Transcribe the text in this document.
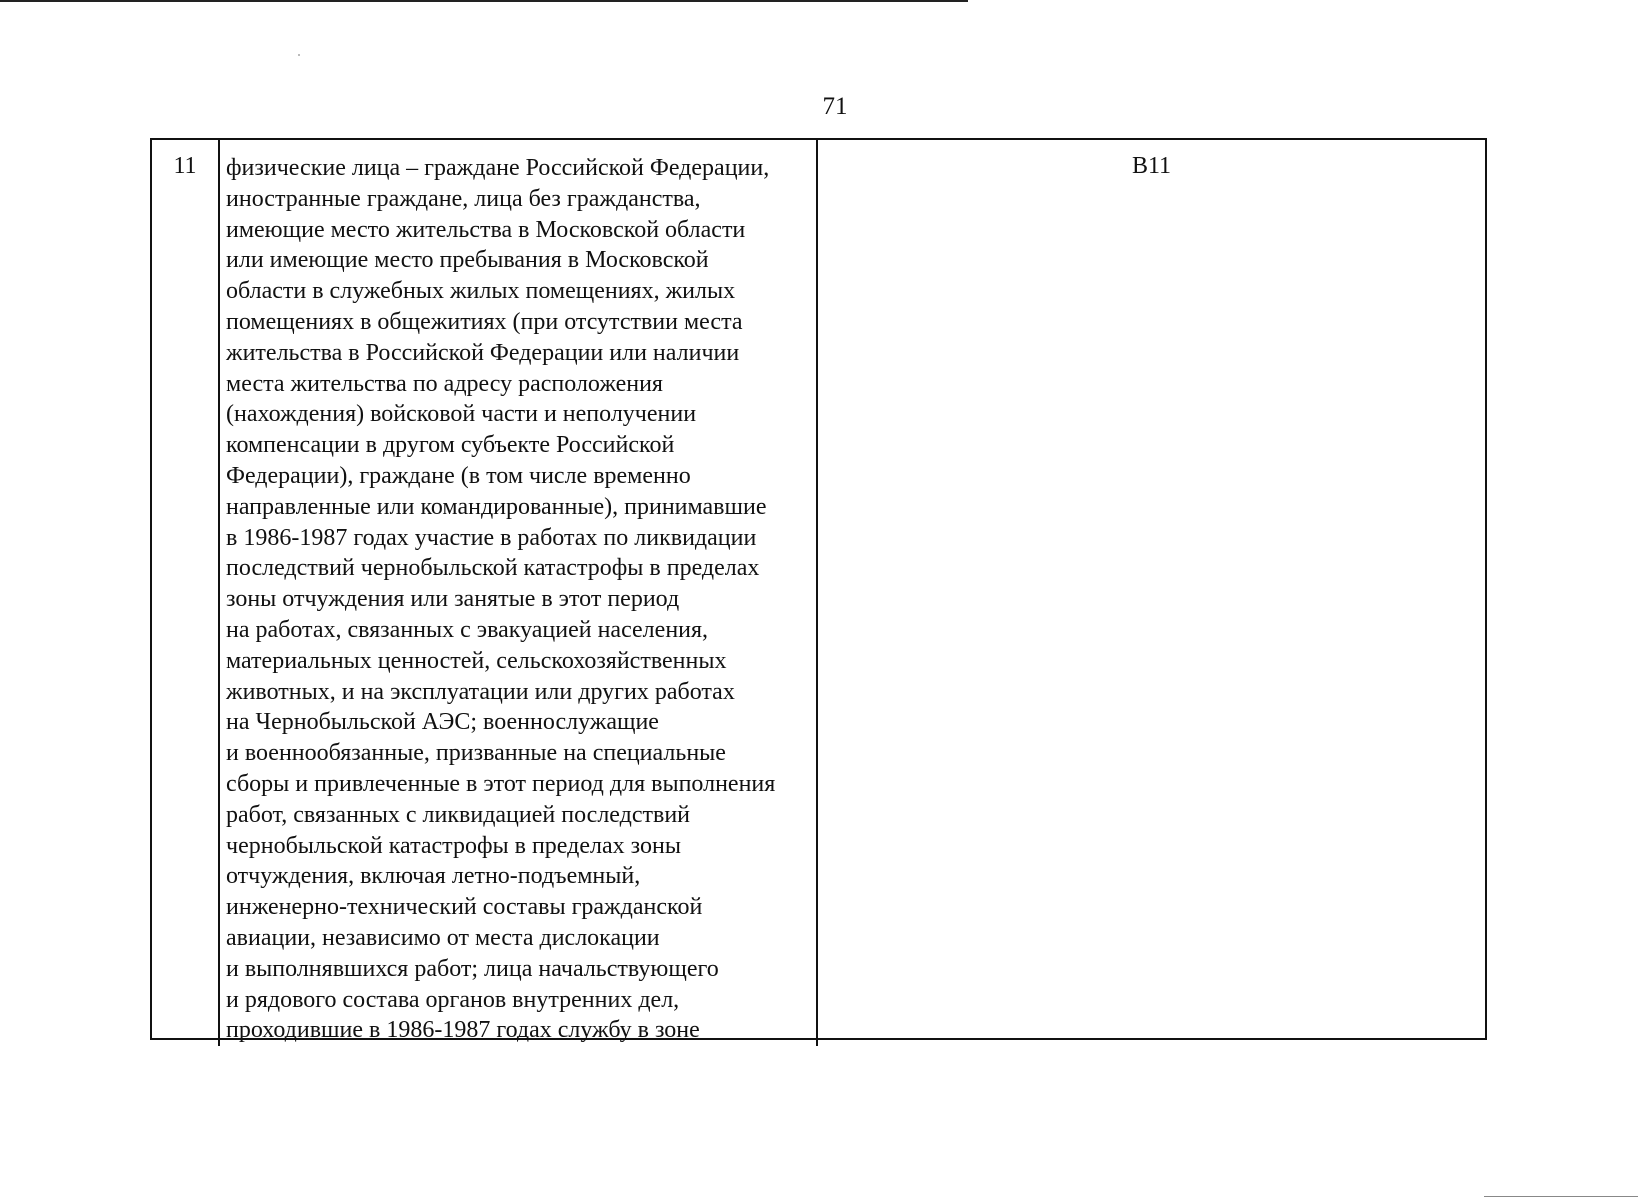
71
11	физические лица – граждане Российской Федерации,
иностранные граждане, лица без гражданства,
имеющие место жительства в Московской области
или имеющие место пребывания в Московской
области в служебных жилых помещениях, жилых
помещениях в общежитиях (при отсутствии места
жительства в Российской Федерации или наличии
места жительства по адресу расположения
(нахождения) войсковой части и неполучении
компенсации в другом субъекте Российской
Федерации), граждане (в том числе временно
направленные или командированные), принимавшие
в 1986-1987 годах участие в работах по ликвидации
последствий чернобыльской катастрофы в пределах
зоны отчуждения или занятые в этот период
на работах, связанных с эвакуацией населения,
материальных ценностей, сельскохозяйственных
животных, и на эксплуатации или других работах
на Чернобыльской АЭС; военнослужащие
и военнообязанные, призванные на специальные
сборы и привлеченные в этот период для выполнения
работ, связанных с ликвидацией последствий
чернобыльской катастрофы в пределах зоны
отчуждения, включая летно-подъемный,
инженерно-технический составы гражданской
авиации, независимо от места дислокации
и выполнявшихся работ; лица начальствующего
и рядового состава органов внутренних дел,
проходившие в 1986-1987 годах службу в зоне
В11
